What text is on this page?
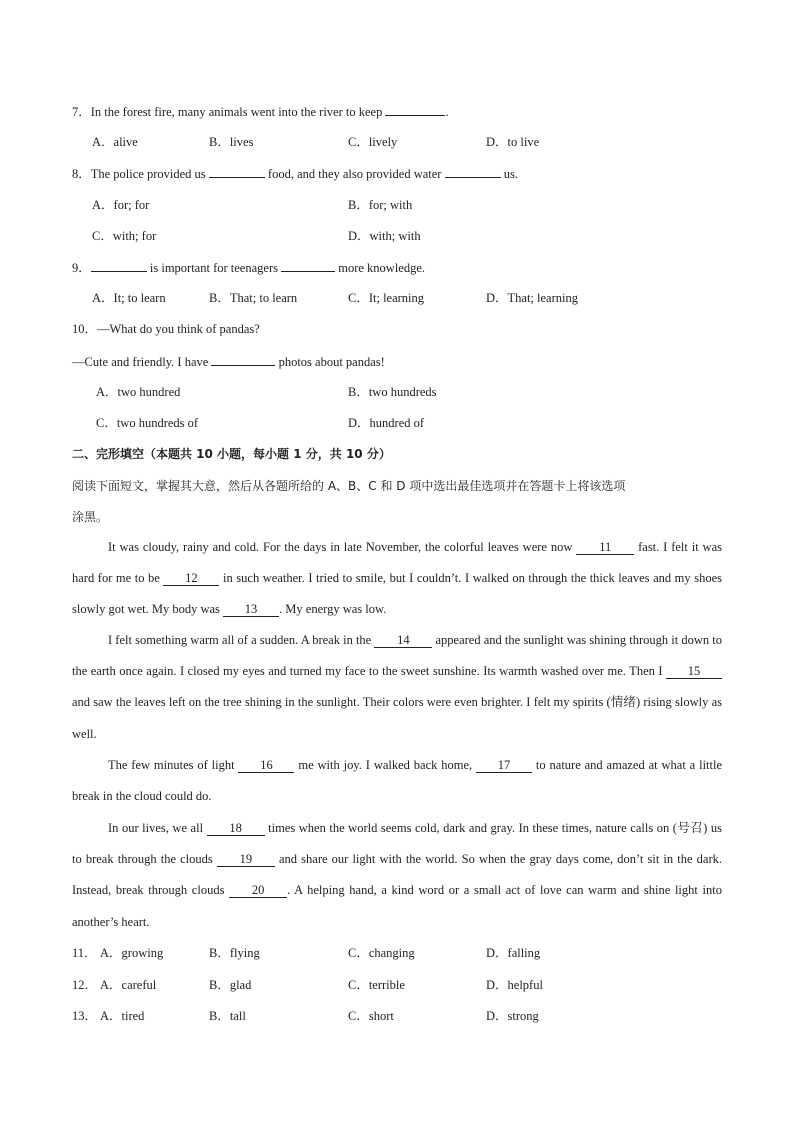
7．In the forest fire, many animals went into the river to keep	.
A．alive	B．lives	C．lively	D．to live
8．The police provided us	food, and they also provided water	us.
A．for; for	B．for; with
C．with; for	D．with; with
9．	is important for teenagers	more knowledge.
A．It; to learn	B．That; to learn	C．It; learning	D．That; learning
10．—What do you think of pandas?
—Cute and friendly. I have	photos about pandas!
A．two hundred	B．two hundreds
C．two hundreds of	D．hundred of
二、完形填空（本题共 10 小题，每小题 1 分，共 10 分）
阅读下面短文，掌握其大意，然后从各题所给的 A、B、C 和 D 项中选出最佳选项并在答题卡上将该选项
涂黑。
It was cloudy, rainy and cold. For the days in late November, the colorful leaves were now 11 fast. I felt it was hard for me to be 12 in such weather. I tried to smile, but I couldn’t. I walked on through the thick leaves and my shoes slowly got wet. My body was 13 . My energy was low.
I felt something warm all of a sudden. A break in the 14 appeared and the sunlight was shining through it down to the earth once again. I closed my eyes and turned my face to the sweet sunshine. Its warmth washed over me. Then I 15 and saw the leaves left on the tree shining in the sunlight. Their colors were even brighter. I felt my spirits (情绪) rising slowly as well.
The few minutes of light 16 me with joy. I walked back home, 17 to nature and amazed at what a little break in the cloud could do.
In our lives, we all 18 times when the world seems cold, dark and gray. In these times, nature calls on (号召) us to break through the clouds 19 and share our light with the world. So when the gray days come, don’t sit in the dark. Instead, break through clouds 20 . A helping hand, a kind word or a small act of love can warm and shine light into another’s heart.
11． A．growing	B．flying	C．changing	D．falling
12． A．careful	B．glad	C．terrible	D．helpful
13． A．tired	B．tall	C．short	D．strong
